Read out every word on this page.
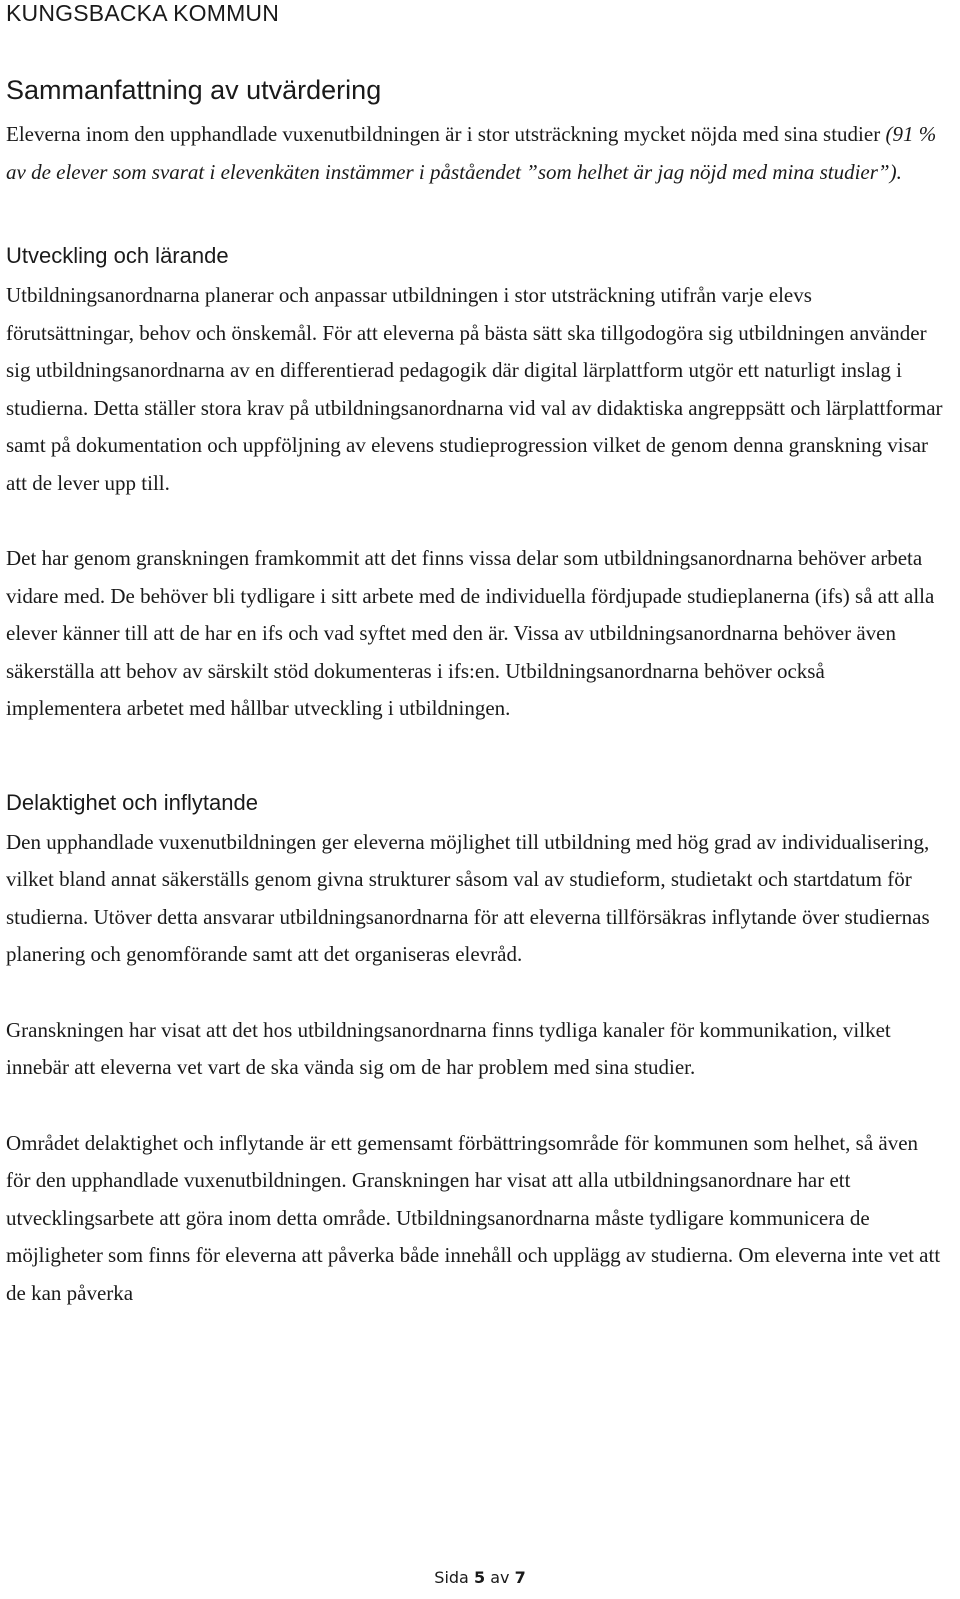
KUNGSBACKA KOMMUN
Sammanfattning av utvärdering

Eleverna inom den upphandlade vuxenutbildningen är i stor utsträckning mycket nöjda med sina studier (91 % av de elever som svarat i elevenkäten instämmer i påståendet ”som helhet är jag nöjd med mina studier”).

Utveckling och lärande

Utbildningsanordnarna planerar och anpassar utbildningen i stor utsträckning utifrån varje elevs förutsättningar, behov och önskemål. För att eleverna på bästa sätt ska tillgodogöra sig utbildningen använder sig utbildningsanordnarna av en differentierad pedagogik där digital lärplattform utgör ett naturligt inslag i studierna. Detta ställer stora krav på utbildningsanordnarna vid val av didaktiska angreppsätt och lärplattformar samt på dokumentation och uppföljning av elevens studieprogression vilket de genom denna granskning visar att de lever upp till.

Det har genom granskningen framkommit att det finns vissa delar som utbildningsanordnarna behöver arbeta vidare med. De behöver bli tydligare i sitt arbete med de individuella fördjupade studieplanerna (ifs) så att alla elever känner till att de har en ifs och vad syftet med den är. Vissa av utbildningsanordnarna behöver även säkerställa att behov av särskilt stöd dokumenteras i ifs:en. Utbildningsanordnarna behöver också implementera arbetet med hållbar utveckling i utbildningen.

Delaktighet och inflytande

Den upphandlade vuxenutbildningen ger eleverna möjlighet till utbildning med hög grad av individualisering, vilket bland annat säkerställs genom givna strukturer såsom val av studieform, studietakt och startdatum för studierna. Utöver detta ansvarar utbildningsanordnarna för att eleverna tillförsäkras inflytande över studiernas planering och genomförande samt att det organiseras elevråd.

Granskningen har visat att det hos utbildningsanordnarna finns tydliga kanaler för kommunikation, vilket innebär att eleverna vet vart de ska vända sig om de har problem med sina studier.

Området delaktighet och inflytande är ett gemensamt förbättringsområde för kommunen som helhet, så även för den upphandlade vuxenutbildningen. Granskningen har visat att alla utbildningsanordnare har ett utvecklingsarbete att göra inom detta område. Utbildningsanordnarna måste tydligare kommunicera de möjligheter som finns för eleverna att påverka både innehåll och upplägg av studierna. Om eleverna inte vet att de kan påverka

Sida 5 av 7
